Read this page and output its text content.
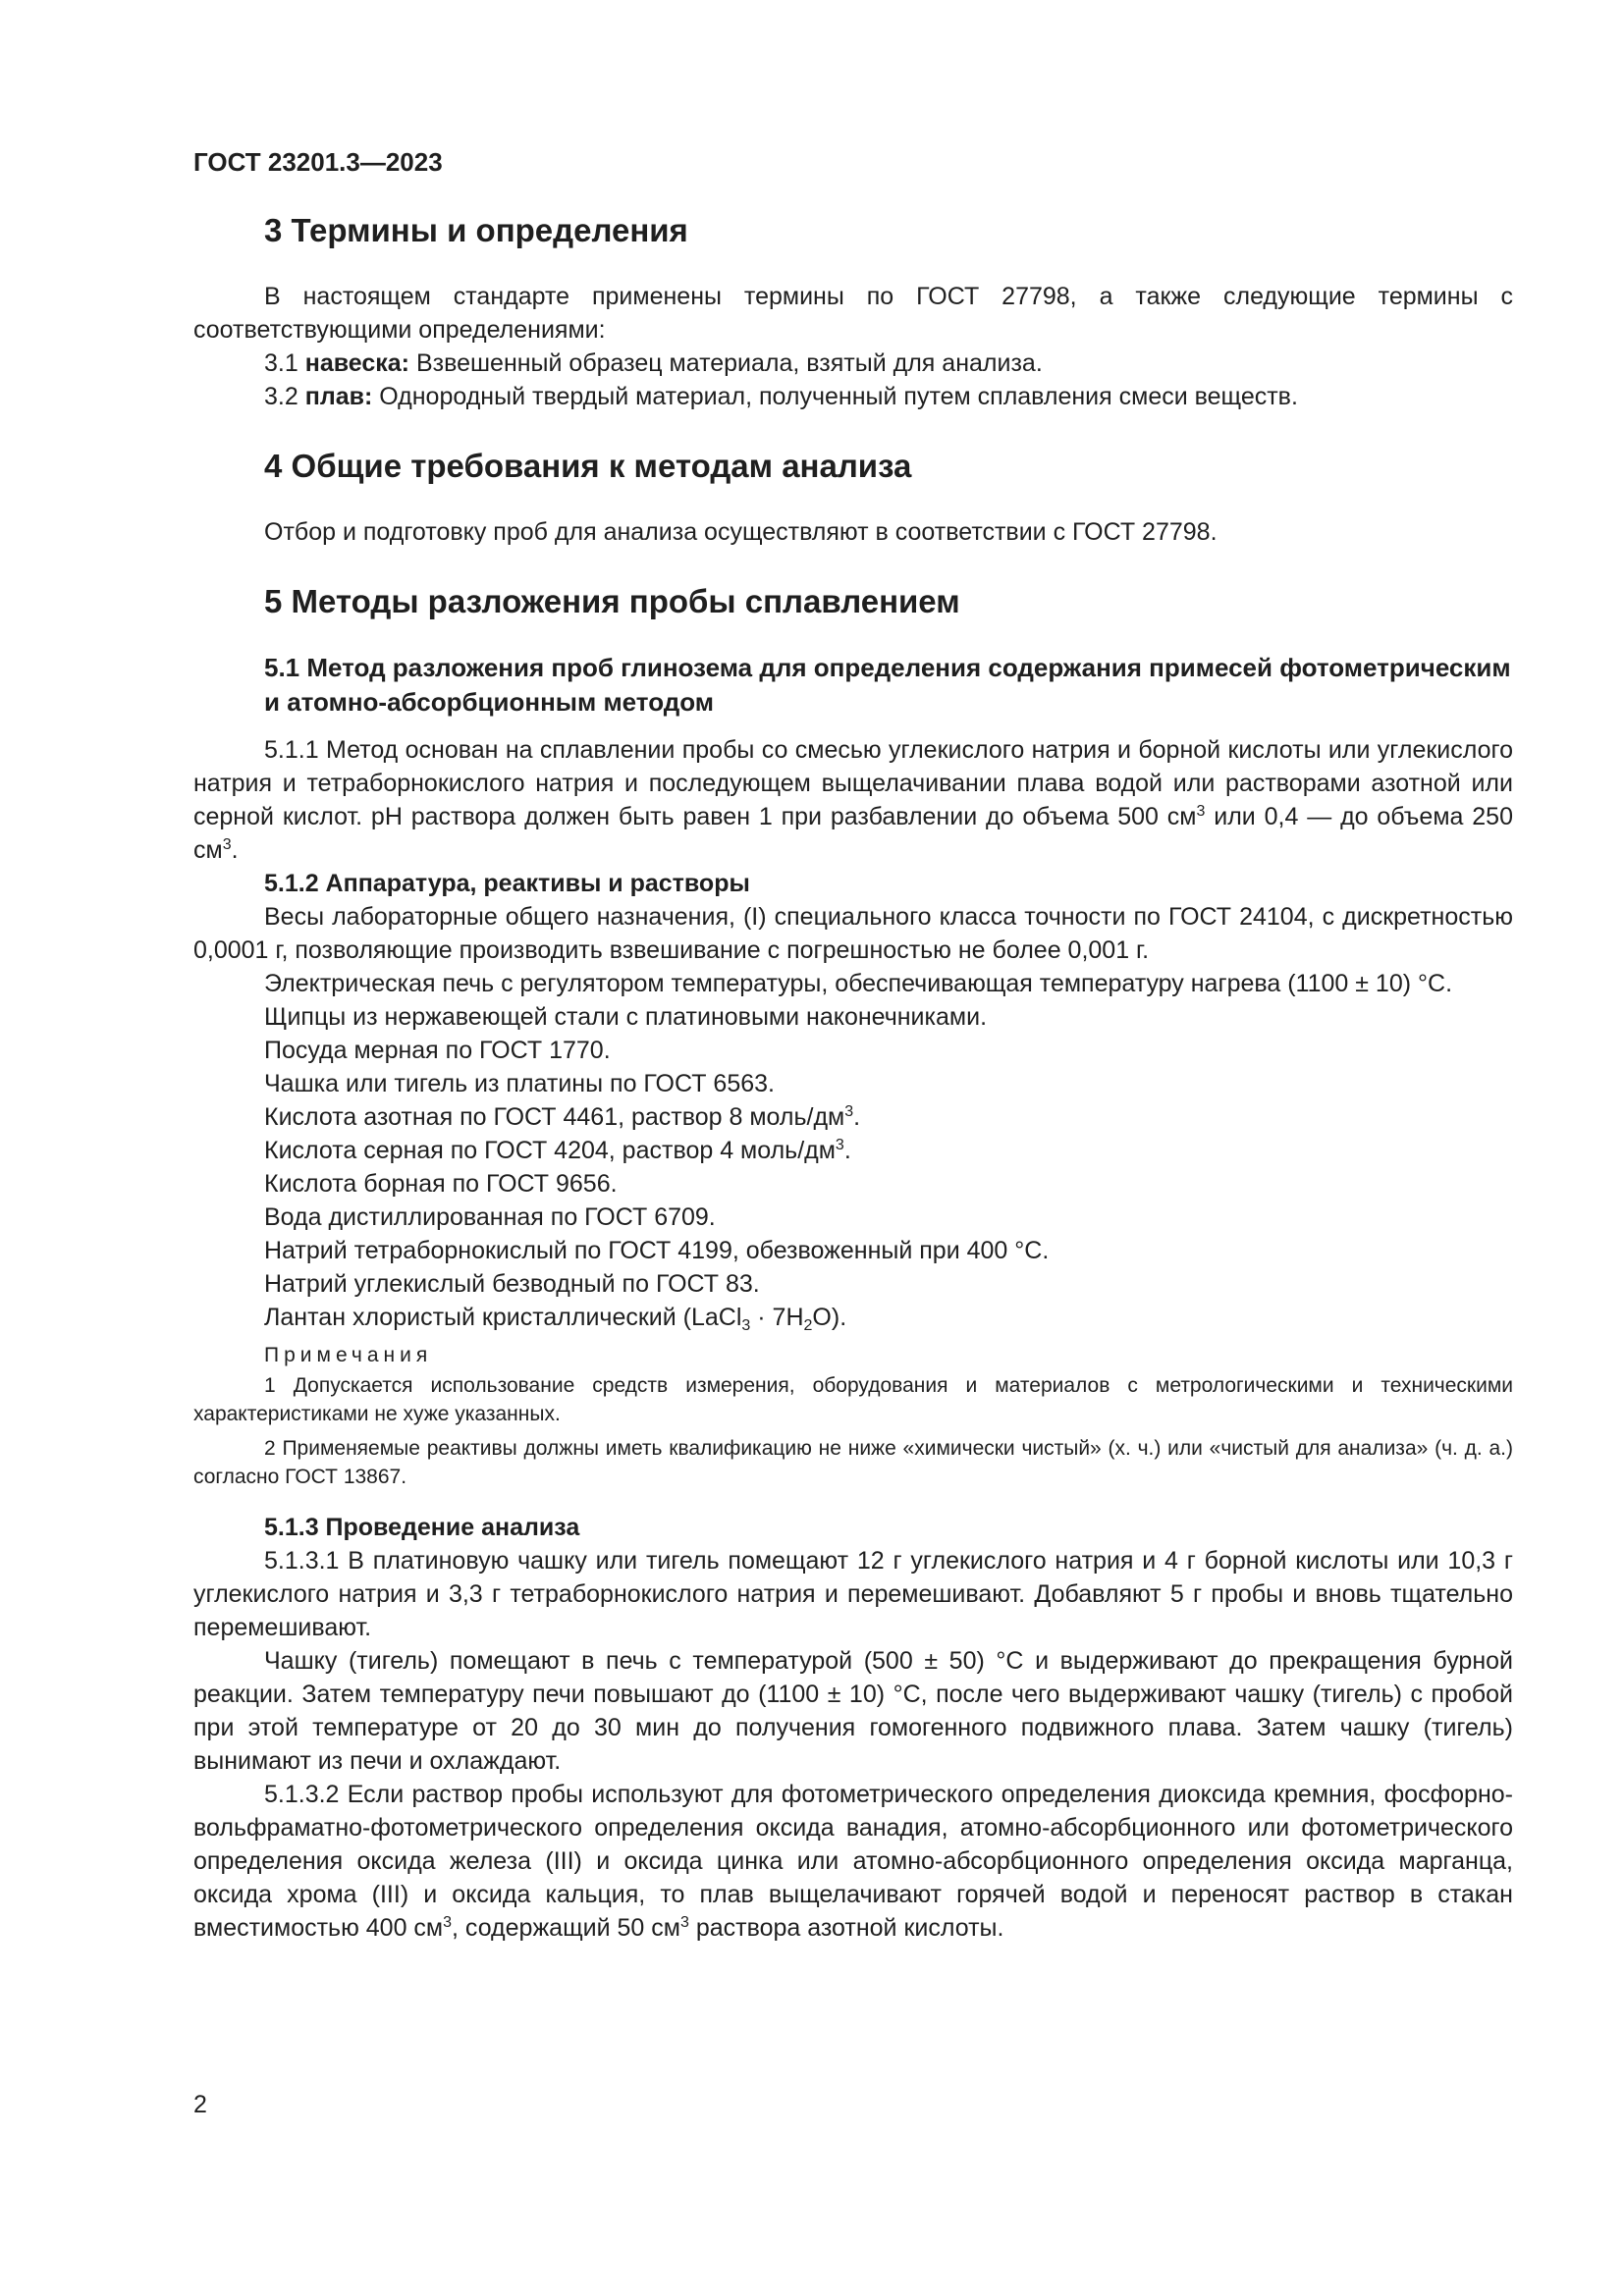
ГОСТ 23201.3—2023
3 Термины и определения

В настоящем стандарте применены термины по ГОСТ 27798, а также следующие термины с соответствующими определениями:

3.1 навеска: Взвешенный образец материала, взятый для анализа.

3.2 плав: Однородный твердый материал, полученный путем сплавления смеси веществ.

4 Общие требования к методам анализа

Отбор и подготовку проб для анализа осуществляют в соответствии с ГОСТ 27798.

5 Методы разложения пробы сплавлением
5.1 Метод разложения проб глинозема для определения содержания примесей фотометрическим и атомно-абсорбционным методом

5.1.1 Метод основан на сплавлении пробы со смесью углекислого натрия и борной кислоты или углекислого натрия и тетраборнокислого натрия и последующем выщелачивании плава водой или растворами азотной или серной кислот. pH раствора должен быть равен 1 при разбавлении до объема 500 $см^3$ или 0,4 — до объема 250 $см^3$.

5.1.2 Аппаратура, реактивы и растворы

Весы лабораторные общего назначения, (I) специального класса точности по ГОСТ 24104, с дискретностью 0,0001 г, позволяющие производить взвешивание с погрешностью не более 0,001 г.

Электрическая печь с регулятором температуры, обеспечивающая температуру нагрева (1100 ± 10) °С.

Щипцы из нержавеющей стали с платиновыми наконечниками.

Посуда мерная по ГОСТ 1770.

Чашка или тигель из платины по ГОСТ 6563.

Кислота азотная по ГОСТ 4461, раствор 8 моль/$дм^3$.

Кислота серная по ГОСТ 4204, раствор 4 моль/$дм^3$.

Кислота борная по ГОСТ 9656.

Вода дистиллированная по ГОСТ 6709.

Натрий тетраборнокислый по ГОСТ 4199, обезвоженный при 400 °С.

Натрий углекислый безводный по ГОСТ 83.

Лантан хлористый кристаллический (LaCl$_3$ · $7H_2O$).

Примечания

1 Допускается использование средств измерения, оборудования и материалов с метрологическими и техническими характеристиками не хуже указанных.

2 Применяемые реактивы должны иметь квалификацию не ниже «химически чистый» (х. ч.) или «чистый для анализа» (ч. д. а.) согласно ГОСТ 13867.

5.1.3 Проведение анализа

5.1.3.1 В платиновую чашку или тигель помещают 12 г углекислого натрия и 4 г борной кислоты или 10,3 г углекислого натрия и 3,3 г тетраборнокислого натрия и перемешивают. Добавляют 5 г пробы и вновь тщательно перемешивают.

Чашку (тигель) помещают в печь с температурой (500 ± 50) °С и выдерживают до прекращения бурной реакции. Затем температуру печи повышают до (1100 ± 10) °С, после чего выдерживают чашку (тигель) с пробой при этой температуре от 20 до 30 мин до получения гомогенного подвижного плава. Затем чашку (тигель) вынимают из печи и охлаждают.

5.1.3.2 Если раствор пробы используют для фотометрического определения диоксида кремния, фосфорно-вольфраматно-фотометрического определения оксида ванадия, атомно-абсорбционного или фотометрического определения оксида железа (III) и оксида цинка или атомно-абсорбционного определения оксида марганца, оксида хрома (III) и оксида кальция, то плав выщелачивают горячей водой и переносят раствор в стакан вместимостью 400 $см^3$, содержащий 50 $см^3$ раствора азотной кислоты.

2
